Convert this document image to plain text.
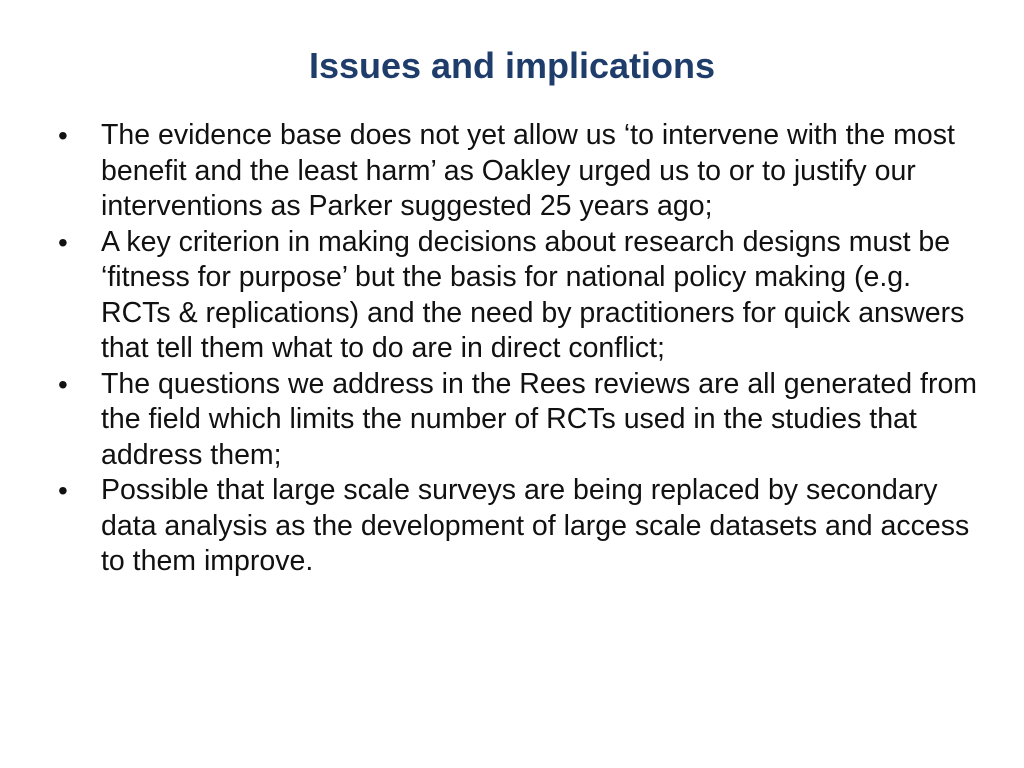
Issues and implications
•	The evidence base does not yet allow us ‘to intervene with the most benefit and the least harm’ as Oakley urged us to or to justify our interventions as Parker suggested 25 years ago;
•	A key criterion in making decisions about research designs must be ‘fitness for purpose’ but the basis for national policy making (e.g. RCTs & replications) and the need by practitioners for quick answers that tell them what to do are in direct conflict;
•	The questions we address in the Rees reviews are all generated from the field which limits the number of RCTs used in the studies that address them;
•	Possible that large scale surveys are being replaced by secondary data analysis as the development of large scale datasets and access to them improve.
